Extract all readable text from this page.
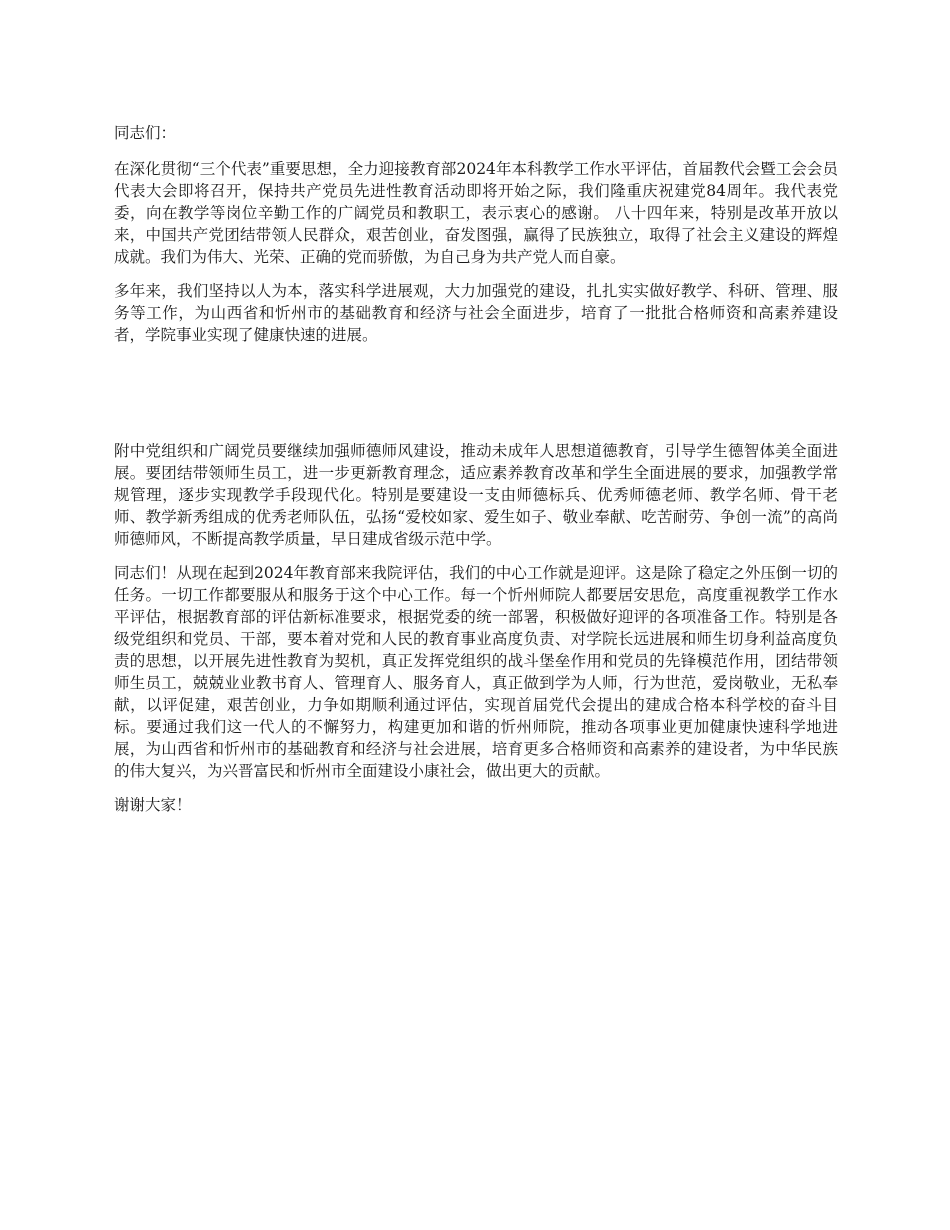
同志们：

在深化贯彻“三个代表”重要思想，全力迎接教育部2024年本科教学工作水平评估，首届教代会暨工会会员代表大会即将召开，保持共产党员先进性教育活动即将开始之际，我们隆重庆祝建党84周年。我代表党委，向在教学等岗位辛勤工作的广阔党员和教职工，表示衷心的感谢。 八十四年来，特别是改革开放以来，中国共产党团结带领人民群众，艰苦创业，奋发图强，赢得了民族独立，取得了社会主义建设的辉煌成就。我们为伟大、光荣、正确的党而骄傲，为自己身为共产党人而自豪。

多年来，我们坚持以人为本，落实科学进展观，大力加强党的建设，扎扎实实做好教学、科研、管理、服务等工作，为山西省和忻州市的基础教育和经济与社会全面进步，培育了一批批合格师资和高素养建设者，学院事业实现了健康快速的进展。

附中党组织和广阔党员要继续加强师德师风建设，推动未成年人思想道德教育，引导学生德智体美全面进展。要团结带领师生员工，进一步更新教育理念，适应素养教育改革和学生全面进展的要求，加强教学常规管理，逐步实现教学手段现代化。特别是要建设一支由师德标兵、优秀师德老师、教学名师、骨干老师、教学新秀组成的优秀老师队伍，弘扬“爱校如家、爱生如子、敬业奉献、吃苦耐劳、争创一流”的高尚师德师风，不断提高教学质量，早日建成省级示范中学。

同志们！从现在起到2024年教育部来我院评估，我们的中心工作就是迎评。这是除了稳定之外压倒一切的任务。一切工作都要服从和服务于这个中心工作。每一个忻州师院人都要居安思危，高度重视教学工作水平评估，根据教育部的评估新标准要求，根据党委的统一部署，积极做好迎评的各项准备工作。特别是各级党组织和党员、干部，要本着对党和人民的教育事业高度负责、对学院长远进展和师生切身利益高度负责的思想，以开展先进性教育为契机，真正发挥党组织的战斗堡垒作用和党员的先锋模范作用，团结带领师生员工，兢兢业业教书育人、管理育人、服务育人，真正做到学为人师，行为世范，爱岗敬业，无私奉献，以评促建，艰苦创业，力争如期顺利通过评估，实现首届党代会提出的建成合格本科学校的奋斗目标。要通过我们这一代人的不懈努力，构建更加和谐的忻州师院，推动各项事业更加健康快速科学地进展，为山西省和忻州市的基础教育和经济与社会进展，培育更多合格师资和高素养的建设者，为中华民族的伟大复兴，为兴晋富民和忻州市全面建设小康社会，做出更大的贡献。

谢谢大家！
